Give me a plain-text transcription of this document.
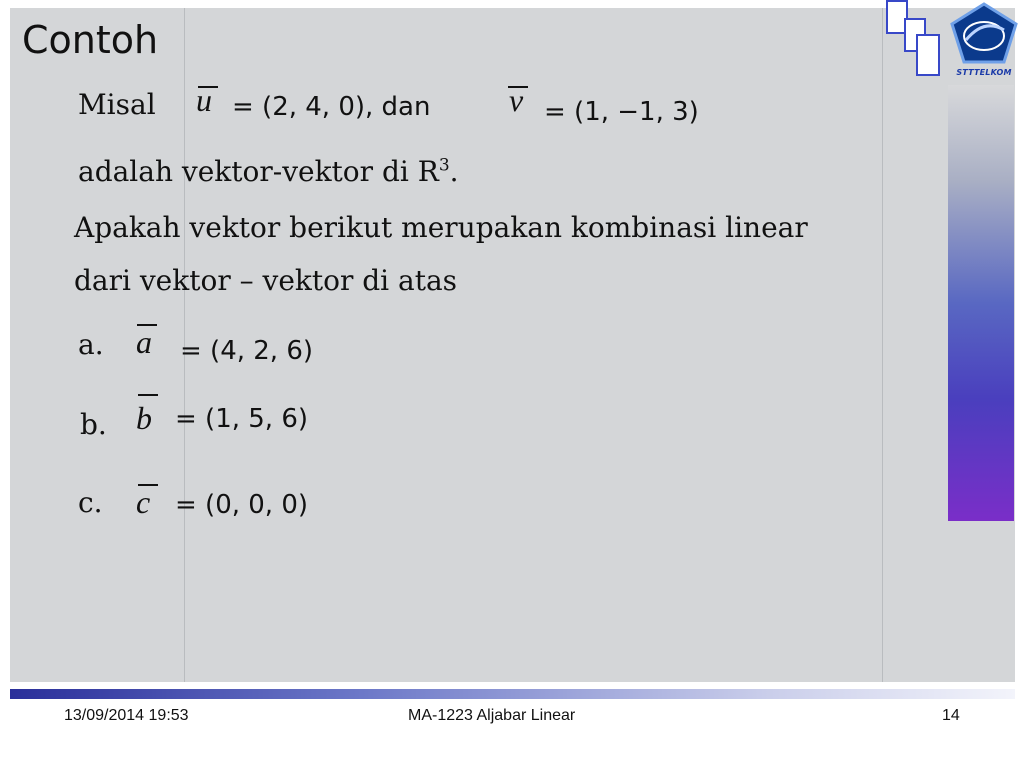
STTTELKOM
Contoh
Misal u = (2, 4, 0), dan v = (1, −1, 3)
adalah vektor-vektor di $R^3$.
Apakah vektor berikut merupakan kombinasi linear
dari vektor – vektor di atas
a. a = (4, 2, 6)
b. b = (1, 5, 6)
c. c = (0, 0, 0)
13/09/2014 19:53	MA-1223 Aljabar Linear	14
